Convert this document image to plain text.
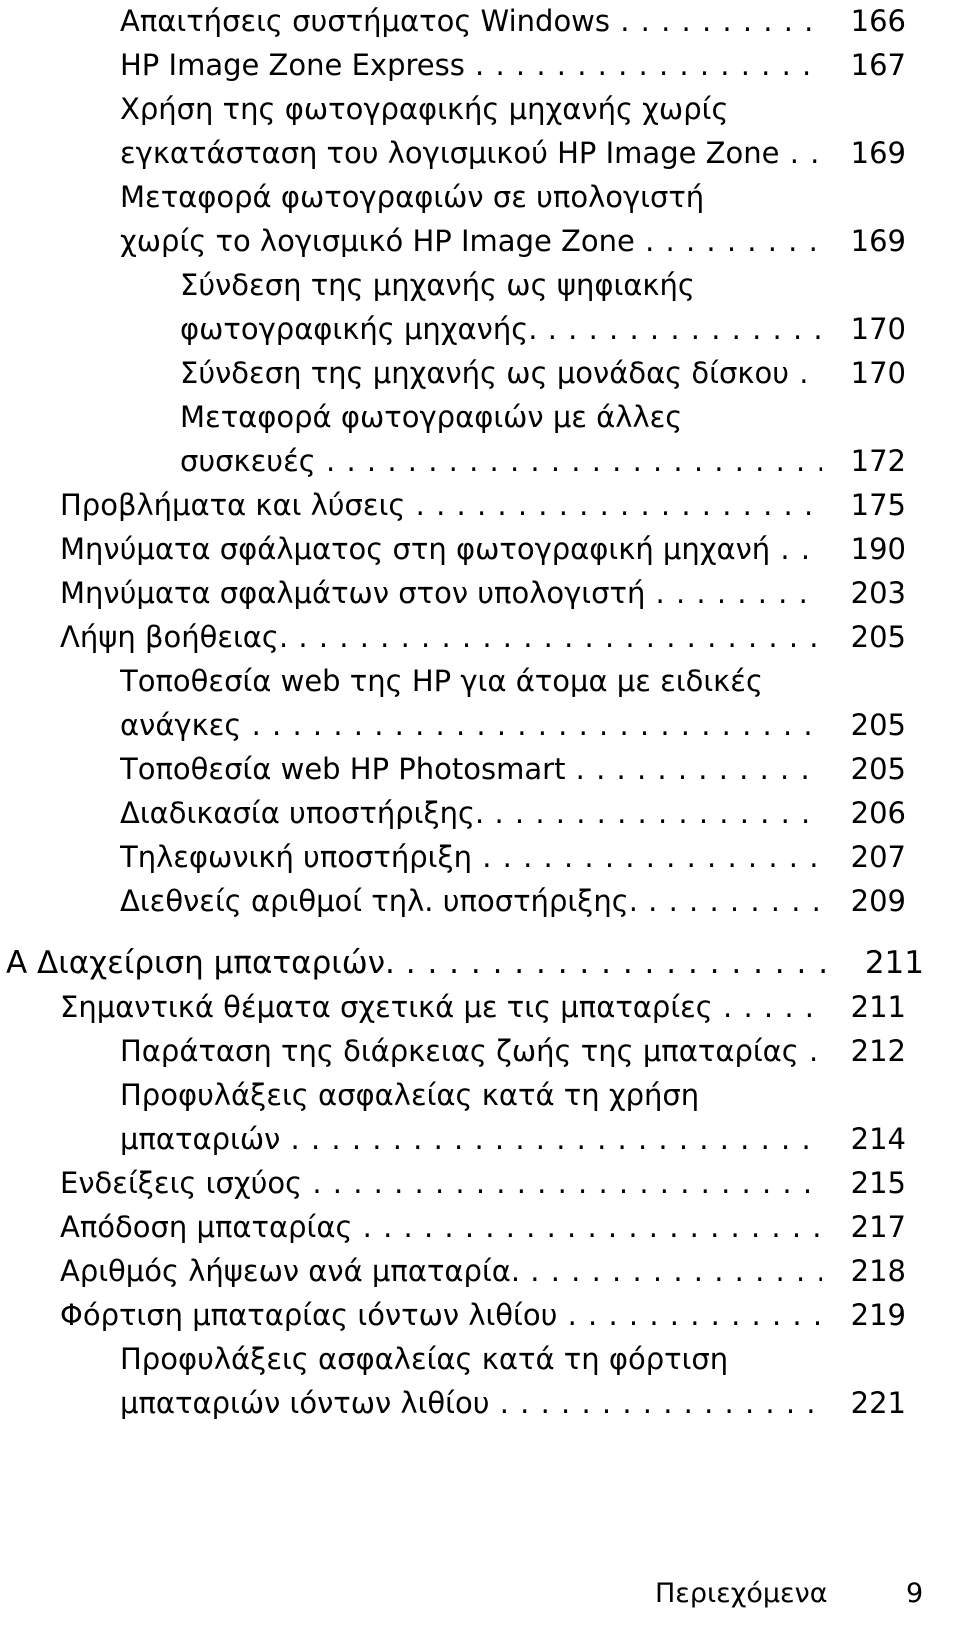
Απαιτήσεις συστήματος Windows . . .	166
HP Image Zone Express . . .	167
Χρήση της φωτογραφικής μηχανής χωρίς
εγκατάσταση του λογισμικού HP Image Zone . . .	169
Μεταφορά φωτογραφιών σε υπολογιστή
χωρίς το λογισμικό HP Image Zone . . .	169
Σύνδεση της μηχανής ως ψηφιακής
φωτογραφικής μηχανής. . . .	170
Σύνδεση της μηχανής ως μονάδας δίσκου . . .	170
Μεταφορά φωτογραφιών με άλλες
συσκευές . . .	172
Προβλήματα και λύσεις . . .	175
Μηνύματα σφάλματος στη φωτογραφική μηχανή . . .	190
Μηνύματα σφαλμάτων στον υπολογιστή . . .	203
Λήψη βοήθειας. . . .	205
Τοποθεσία web της HP για άτομα με ειδικές
ανάγκες . . .	205
Τοποθεσία web HP Photosmart . . .	205
Διαδικασία υποστήριξης. . . .	206
Τηλεφωνική υποστήριξη . . .	207
Διεθνείς αριθμοί τηλ. υποστήριξης. . . .	209
A Διαχείριση μπαταριών. . . .	211
Σημαντικά θέματα σχετικά με τις μπαταρίες . . .	211
Παράταση της διάρκειας ζωής της μπαταρίας . . .	212
Προφυλάξεις ασφαλείας κατά τη χρήση
μπαταριών . . .	214
Ενδείξεις ισχύος . . .	215
Απόδοση μπαταρίας . . .	217
Αριθμός λήψεων ανά μπαταρία. . . .	218
Φόρτιση μπαταρίας ιόντων λιθίου . . .	219
Προφυλάξεις ασφαλείας κατά τη φόρτιση
μπαταριών ιόντων λιθίου . . .	221
Περιεχόμενα	9
